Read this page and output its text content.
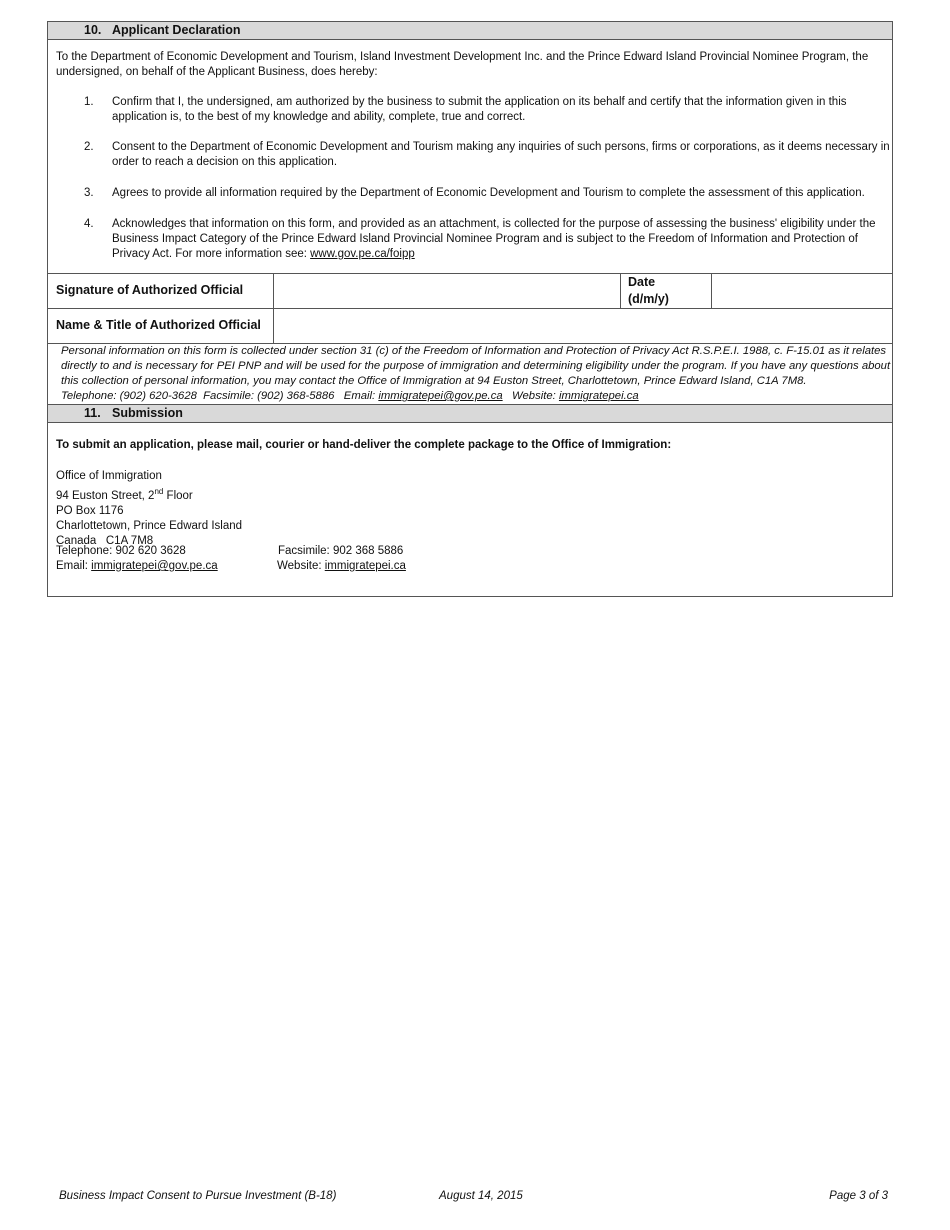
10. Applicant Declaration

To the Department of Economic Development and Tourism, Island Investment Development Inc. and the Prince Edward Island Provincial Nominee Program, the undersigned, on behalf of the Applicant Business, does hereby:

1. Confirm that I, the undersigned, am authorized by the business to submit the application on its behalf and certify that the information given in this application is, to the best of my knowledge and ability, complete, true and correct.
2. Consent to the Department of Economic Development and Tourism making any inquiries of such persons, firms or corporations, as it deems necessary in order to reach a decision on this application.
3. Agrees to provide all information required by the Department of Economic Development and Tourism to complete the assessment of this application.
4. Acknowledges that information on this form, and provided as an attachment, is collected for the purpose of assessing the business' eligibility under the Business Impact Category of the Prince Edward Island Provincial Nominee Program and is subject to the Freedom of Information and Protection of Privacy Act. For more information see: www.gov.pe.ca/foipp
Signature of Authorized Official
Date
(d/m/y)
Name & Title of Authorized Official
Personal information on this form is collected under section 31 (c) of the Freedom of Information and Protection of Privacy Act R.S.P.E.I. 1988, c. F-15.01 as it relates directly to and is necessary for PEI PNP and will be used for the purpose of immigration and determining eligibility under the program. If you have any questions about this collection of personal information, you may contact the Office of Immigration at 94 Euston Street, Charlottetown, Prince Edward Island, C1A 7M8.
Telephone: (902) 620-3628  Facsimile: (902) 368-5886   Email: immigratepei@gov.pe.ca   Website: immigratepei.ca
11. Submission

To submit an application, please mail, courier or hand-deliver the complete package to the Office of Immigration:

Office of Immigration
94 Euston Street, 2nd Floor
PO Box 1176
Charlottetown, Prince Edward Island
Canada   C1A 7M8
Telephone: 902 620 3628	Facsimile: 902 368 5886
Email: immigratepei@gov.pe.ca	Website: immigratepei.ca
Business Impact Consent to Pursue Investment (B-18)	August 14, 2015	Page 3 of 3
